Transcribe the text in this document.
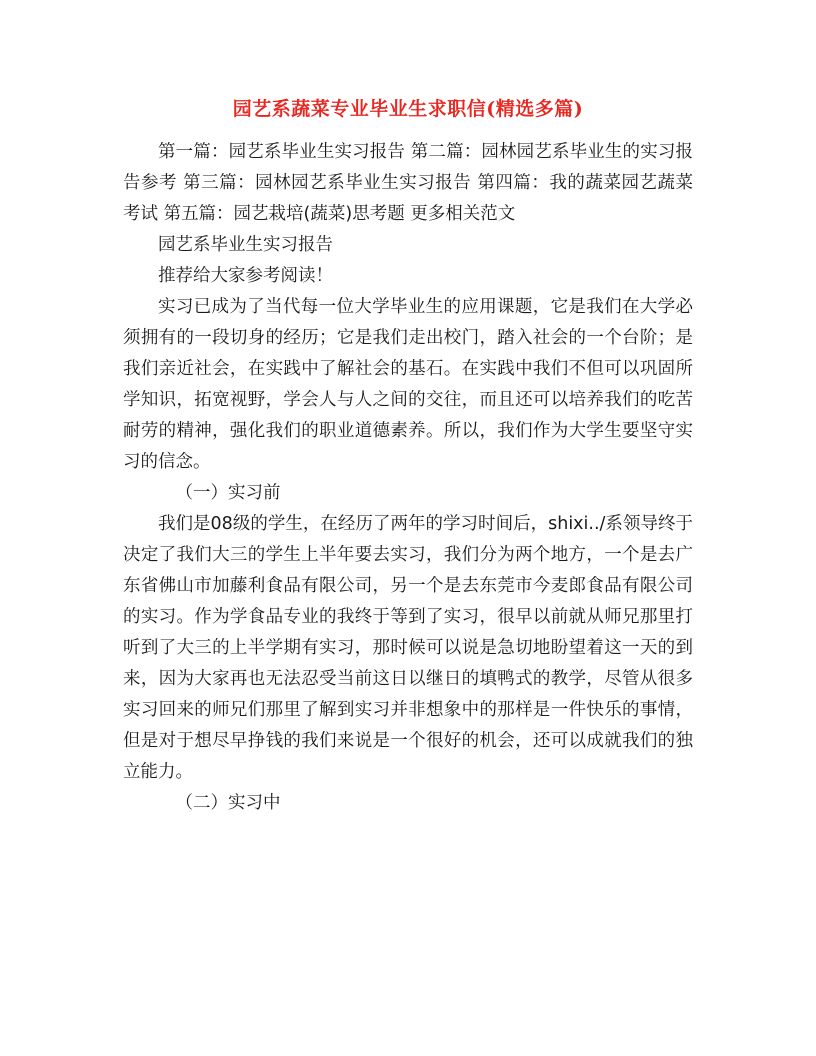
园艺系蔬菜专业毕业生求职信(精选多篇)

第一篇：园艺系毕业生实习报告 第二篇：园林园艺系毕业生的实习报告参考 第三篇：园林园艺系毕业生实习报告 第四篇：我的蔬菜园艺蔬菜考试 第五篇：园艺栽培(蔬菜)思考题 更多相关范文

园艺系毕业生实习报告

推荐给大家参考阅读！

实习已成为了当代每一位大学毕业生的应用课题，它是我们在大学必须拥有的一段切身的经历；它是我们走出校门，踏入社会的一个台阶；是我们亲近社会，在实践中了解社会的基石。在实践中我们不但可以巩固所学知识，拓宽视野，学会人与人之间的交往，而且还可以培养我们的吃苦耐劳的精神，强化我们的职业道德素养。所以，我们作为大学生要坚守实习的信念。

（一）实习前

我们是08级的学生，在经历了两年的学习时间后，shixi../系领导终于决定了我们大三的学生上半年要去实习，我们分为两个地方，一个是去广东省佛山市加藤利食品有限公司，另一个是去东莞市今麦郎食品有限公司的实习。作为学食品专业的我终于等到了实习，很早以前就从师兄那里打听到了大三的上半学期有实习，那时候可以说是急切地盼望着这一天的到来，因为大家再也无法忍受当前这日以继日的填鸭式的教学，尽管从很多实习回来的师兄们那里了解到实习并非想象中的那样是一件快乐的事情，但是对于想尽早挣钱的我们来说是一个很好的机会，还可以成就我们的独立能力。

（二）实习中
